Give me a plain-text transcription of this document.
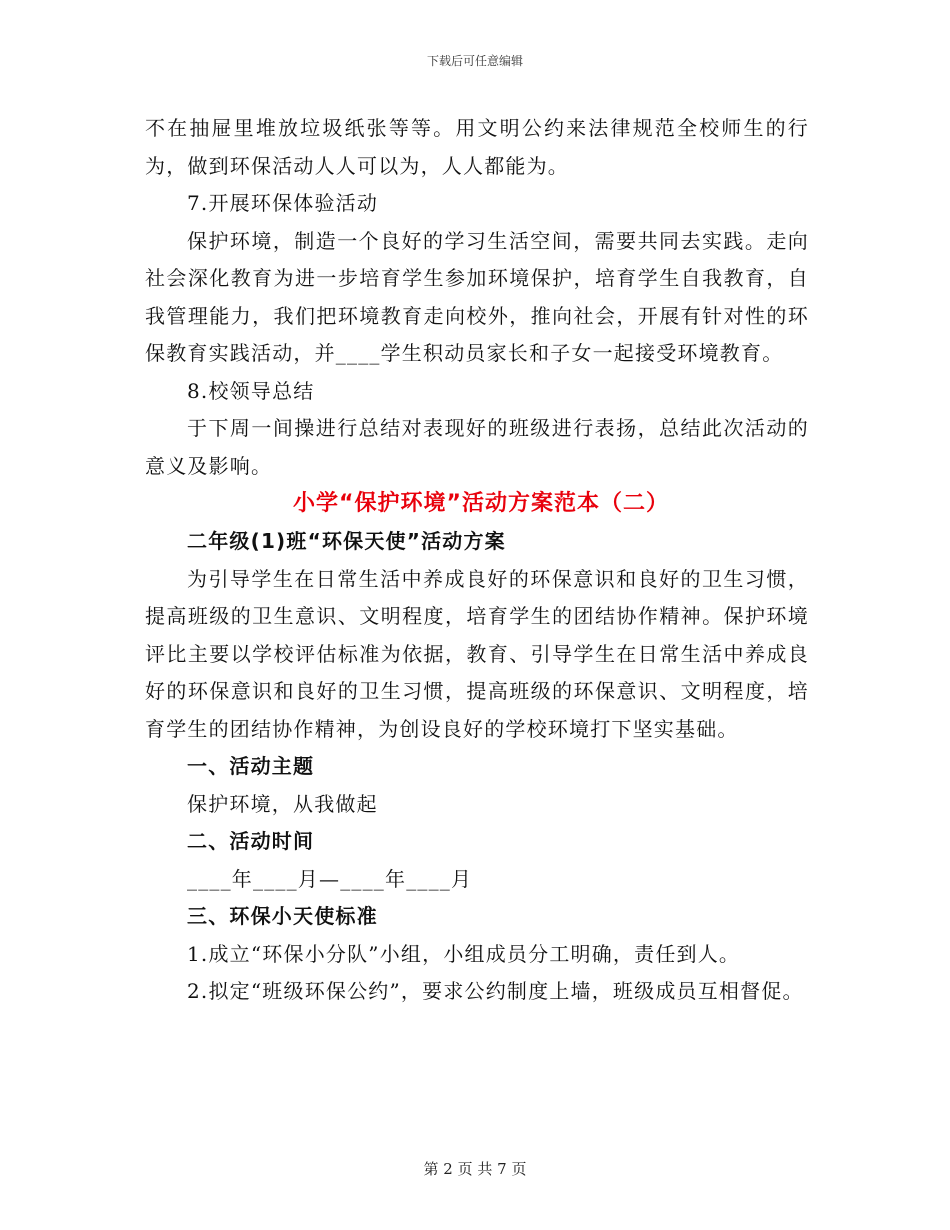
下载后可任意编辑

不在抽屉里堆放垃圾纸张等等。用文明公约来法律规范全校师生的行为，做到环保活动人人可以为，人人都能为。

7.开展环保体验活动

保护环境，制造一个良好的学习生活空间，需要共同去实践。走向社会深化教育为进一步培育学生参加环境保护，培育学生自我教育，自我管理能力，我们把环境教育走向校外，推向社会，开展有针对性的环保教育实践活动，并____学生积动员家长和子女一起接受环境教育。

8.校领导总结

于下周一间操进行总结对表现好的班级进行表扬，总结此次活动的意义及影响。

小学“保护环境”活动方案范本（二）

二年级(1)班“环保天使”活动方案

为引导学生在日常生活中养成良好的环保意识和良好的卫生习惯，提高班级的卫生意识、文明程度，培育学生的团结协作精神。保护环境评比主要以学校评估标准为依据，教育、引导学生在日常生活中养成良好的环保意识和良好的卫生习惯，提高班级的环保意识、文明程度，培育学生的团结协作精神，为创设良好的学校环境打下坚实基础。

一、活动主题

保护环境，从我做起

二、活动时间

____年____月—____年____月

三、环保小天使标准

1.成立“环保小分队”小组，小组成员分工明确，责任到人。

2.拟定“班级环保公约”，要求公约制度上墙，班级成员互相督促。

第 2 页 共 7 页
